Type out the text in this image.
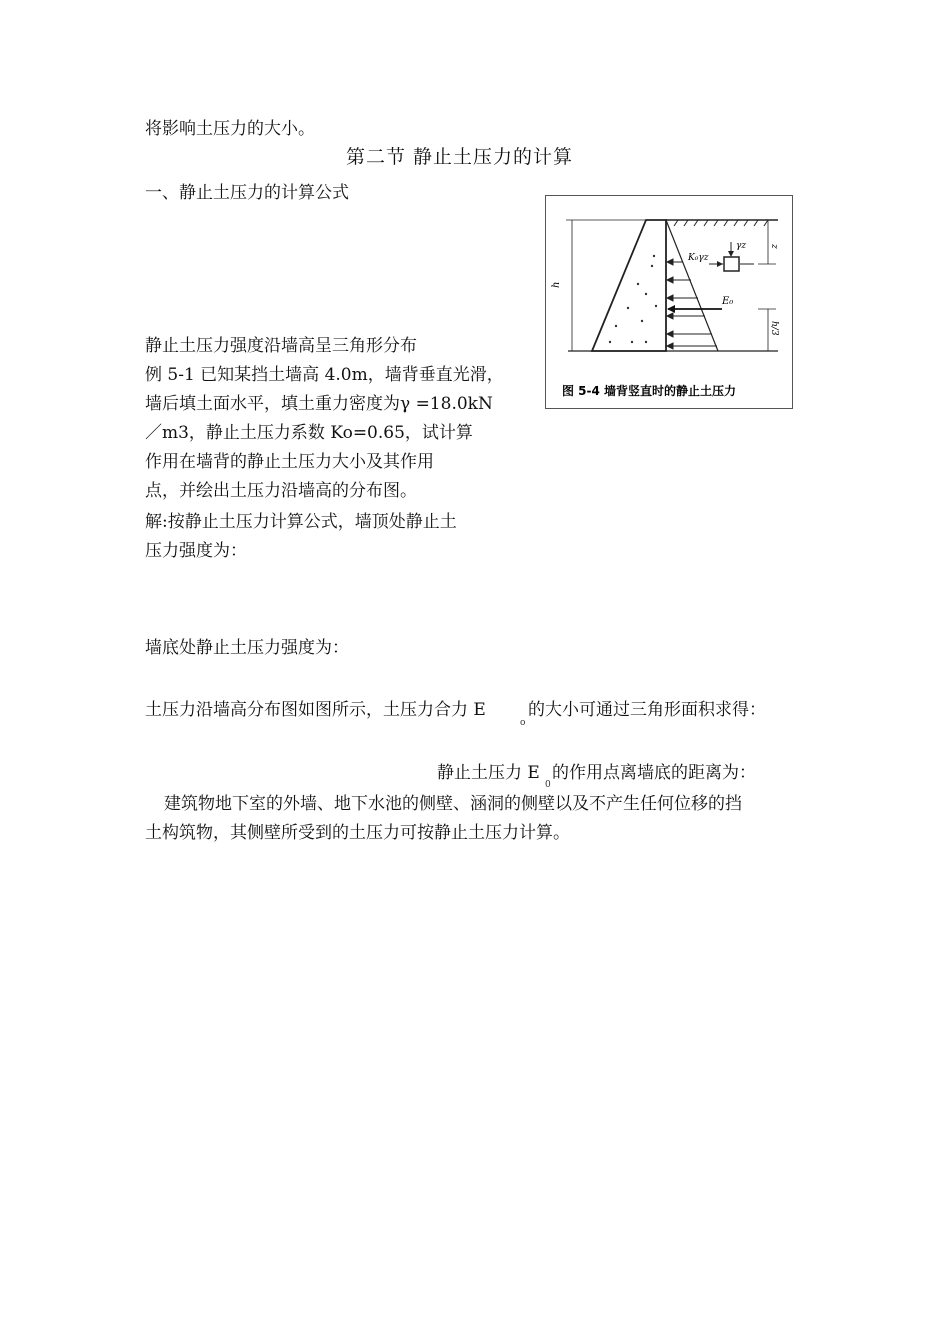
将影响土压力的大小。
第二节 静止土压力的计算
一、静止土压力的计算公式
静止土压力强度沿墙高呈三角形分布
例 5-1 已知某挡土墙高 4.0m，墙背垂直光滑，
墙后填土面水平，填土重力密度为γ =18.0kN
／m3，静止土压力系数 Ko=0.65，试计算
作用在墙背的静止土压力大小及其作用
点，并绘出土压力沿墙高的分布图。
解:按静止土压力计算公式，墙顶处静止土
压力强度为：
墙底处静止土压力强度为：
土压力沿墙高分布图如图所示，土压力合力 E
o
的大小可通过三角形面积求得：
静止土压力 E
0
的作用点离墙底的距离为：
建筑物地下室的外墙、地下水池的侧壁、涵洞的侧壁以及不产生任何位移的挡
土构筑物，其侧壁所受到的土压力可按静止土压力计算。
E₀
γz
K₀γz
z
h/3
h
图 5-4 墙背竖直时的静止土压力
